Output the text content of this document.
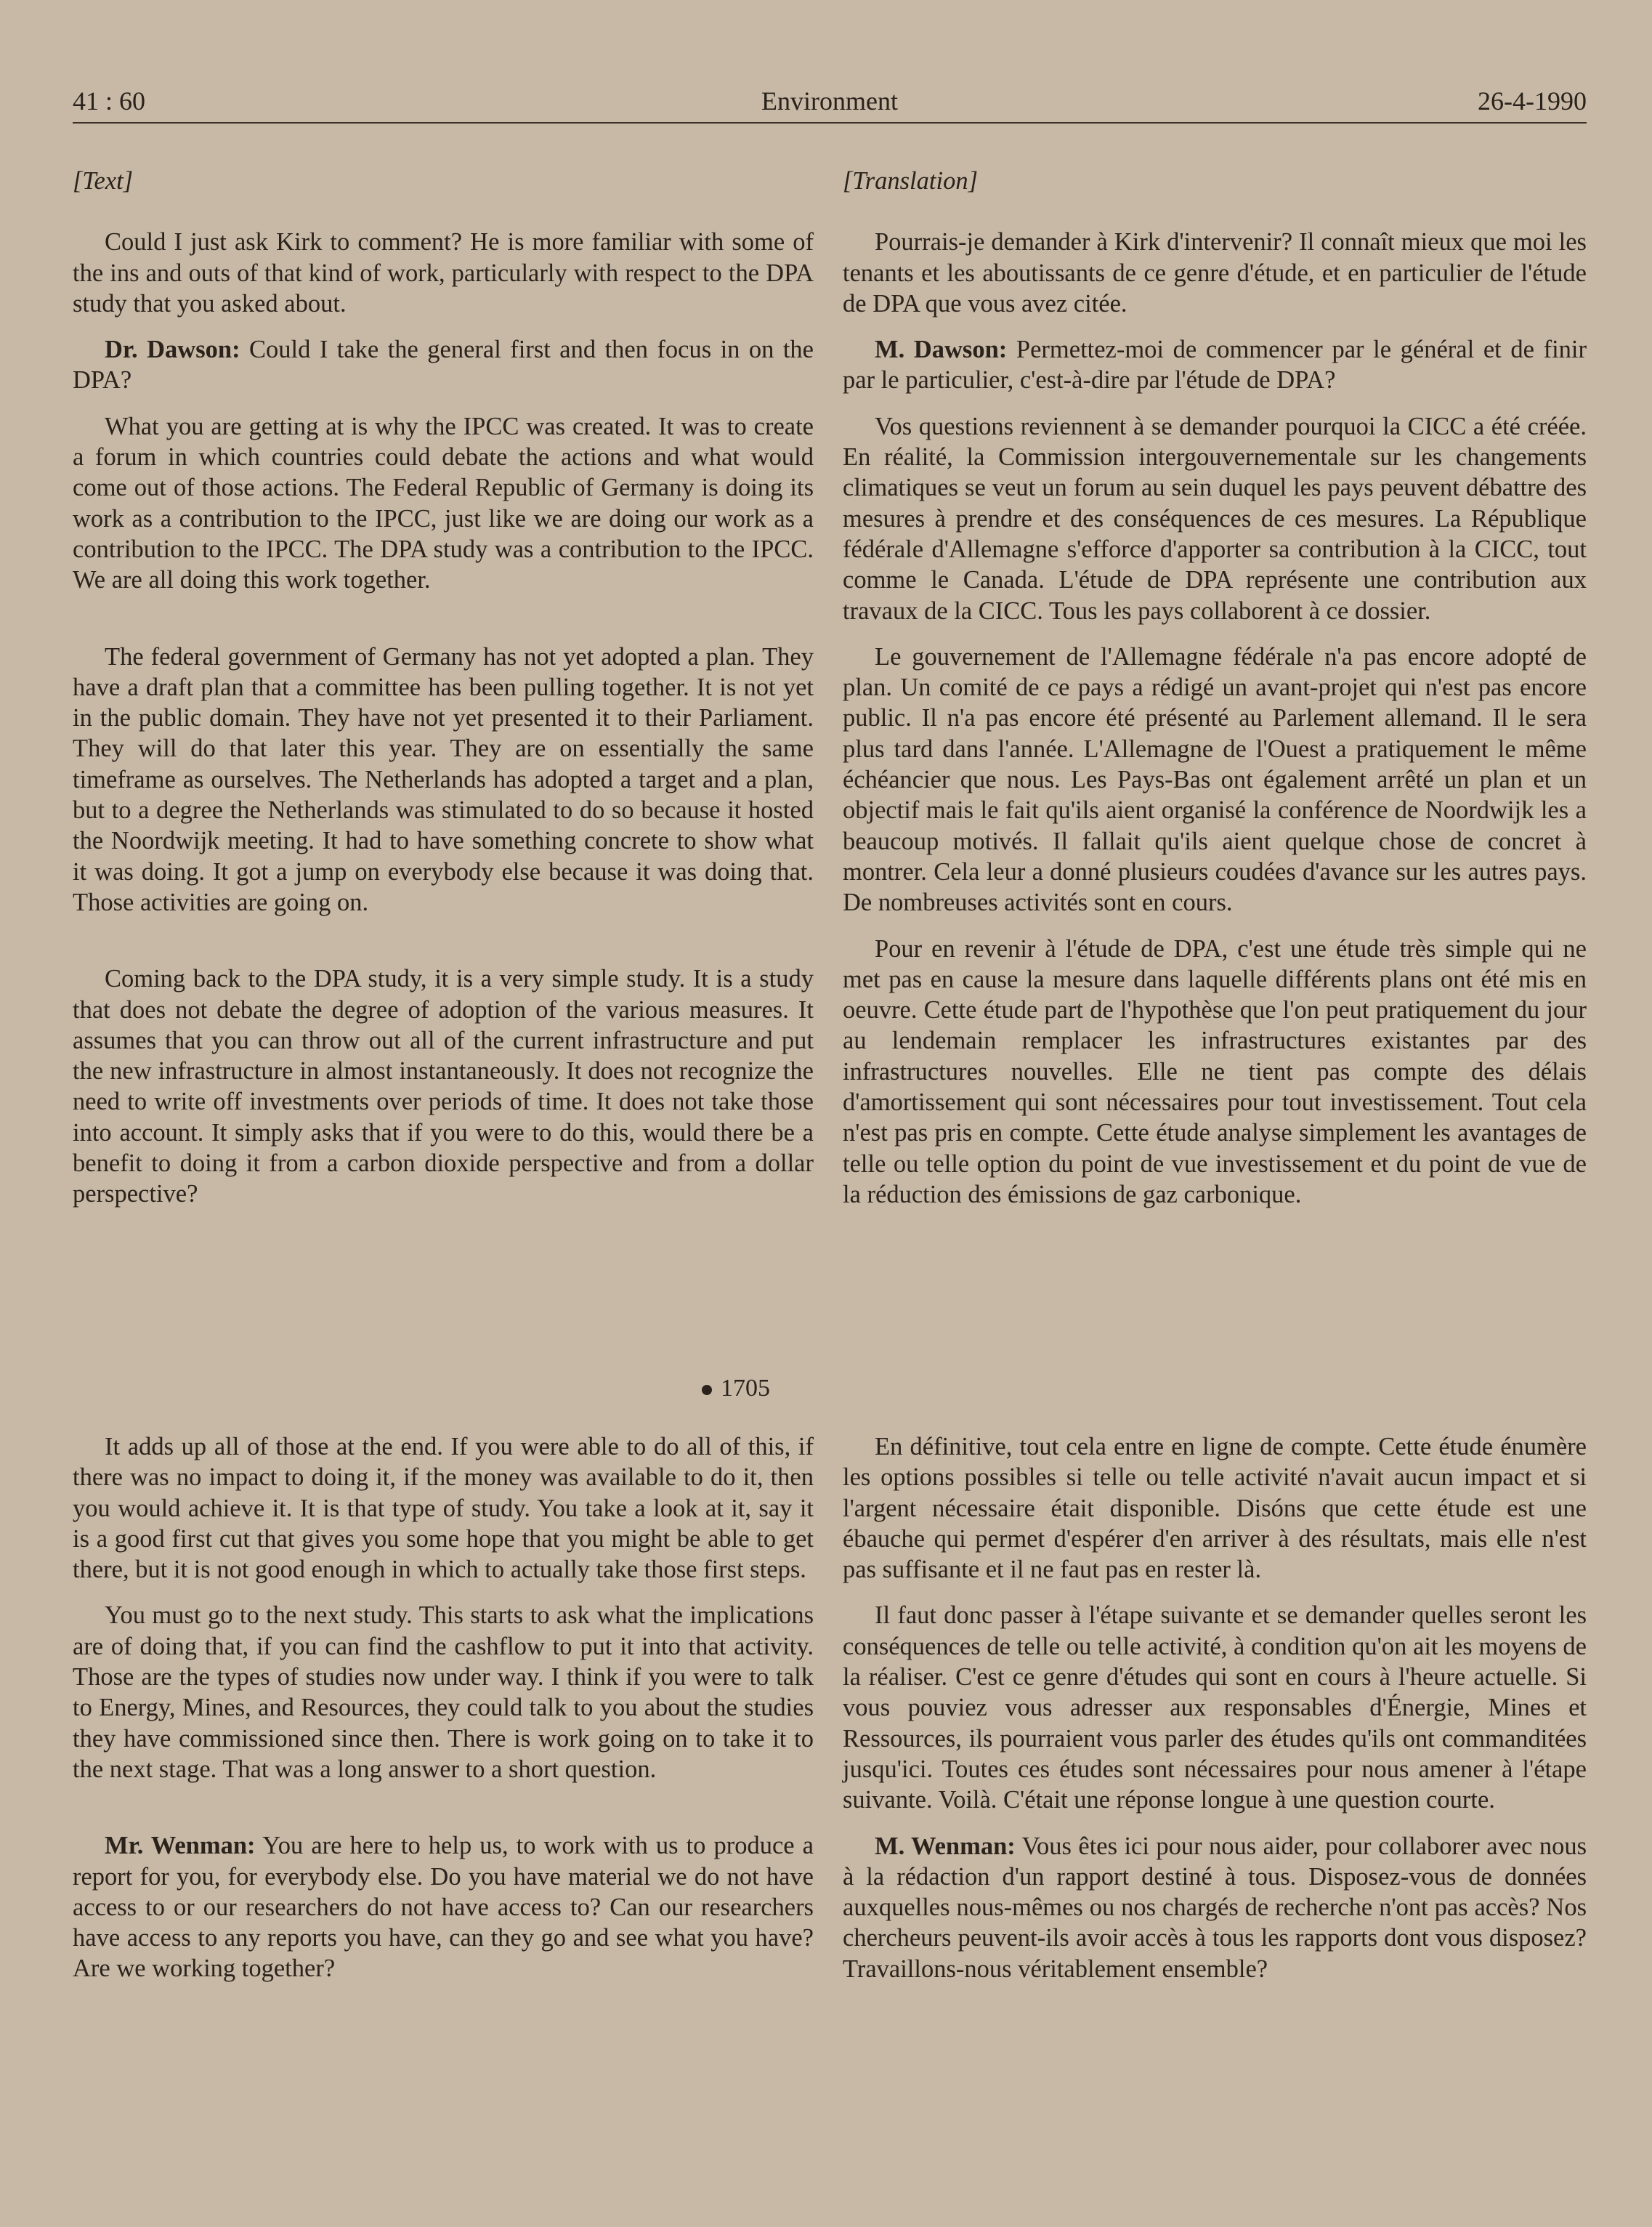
41 : 60	Environment	26-4-1990

[Text]

Could I just ask Kirk to comment? He is more familiar with some of the ins and outs of that kind of work, particularly with respect to the DPA study that you asked about.

Dr. Dawson: Could I take the general first and then focus in on the DPA?

What you are getting at is why the IPCC was created. It was to create a forum in which countries could debate the actions and what would come out of those actions. The Federal Republic of Germany is doing its work as a contribution to the IPCC, just like we are doing our work as a contribution to the IPCC. The DPA study was a contribution to the IPCC. We are all doing this work together.

The federal government of Germany has not yet adopted a plan. They have a draft plan that a committee has been pulling together. It is not yet in the public domain. They have not yet presented it to their Parliament. They will do that later this year. They are on essentially the same timeframe as ourselves. The Netherlands has adopted a target and a plan, but to a degree the Netherlands was stimulated to do so because it hosted the Noordwijk meeting. It had to have something concrete to show what it was doing. It got a jump on everybody else because it was doing that. Those activities are going on.

Coming back to the DPA study, it is a very simple study. It is a study that does not debate the degree of adoption of the various measures. It assumes that you can throw out all of the current infrastructure and put the new infrastructure in almost instantaneously. It does not recognize the need to write off investments over periods of time. It does not take those into account. It simply asks that if you were to do this, would there be a benefit to doing it from a carbon dioxide perspective and from a dollar perspective?

1705

It adds up all of those at the end. If you were able to do all of this, if there was no impact to doing it, if the money was available to do it, then you would achieve it. It is that type of study. You take a look at it, say it is a good first cut that gives you some hope that you might be able to get there, but it is not good enough in which to actually take those first steps.

You must go to the next study. This starts to ask what the implications are of doing that, if you can find the cashflow to put it into that activity. Those are the types of studies now under way. I think if you were to talk to Energy, Mines, and Resources, they could talk to you about the studies they have commissioned since then. There is work going on to take it to the next stage. That was a long answer to a short question.

Mr. Wenman: You are here to help us, to work with us to produce a report for you, for everybody else. Do you have material we do not have access to or our researchers do not have access to? Can our researchers have access to any reports you have, can they go and see what you have? Are we working together?

[Translation]

Pourrais-je demander à Kirk d'intervenir? Il connaît mieux que moi les tenants et les aboutissants de ce genre d'étude, et en particulier de l'étude de DPA que vous avez citée.

M. Dawson: Permettez-moi de commencer par le général et de finir par le particulier, c'est-à-dire par l'étude de DPA?

Vos questions reviennent à se demander pourquoi la CICC a été créée. En réalité, la Commission intergouvernementale sur les changements climatiques se veut un forum au sein duquel les pays peuvent débattre des mesures à prendre et des conséquences de ces mesures. La République fédérale d'Allemagne s'efforce d'apporter sa contribution à la CICC, tout comme le Canada. L'étude de DPA représente une contribution aux travaux de la CICC. Tous les pays collaborent à ce dossier.

Le gouvernement de l'Allemagne fédérale n'a pas encore adopté de plan. Un comité de ce pays a rédigé un avant-projet qui n'est pas encore public. Il n'a pas encore été présenté au Parlement allemand. Il le sera plus tard dans l'année. L'Allemagne de l'Ouest a pratiquement le même échéancier que nous. Les Pays-Bas ont également arrêté un plan et un objectif mais le fait qu'ils aient organisé la conférence de Noordwijk les a beaucoup motivés. Il fallait qu'ils aient quelque chose de concret à montrer. Cela leur a donné plusieurs coudées d'avance sur les autres pays. De nombreuses activités sont en cours.

Pour en revenir à l'étude de DPA, c'est une étude très simple qui ne met pas en cause la mesure dans laquelle différents plans ont été mis en oeuvre. Cette étude part de l'hypothèse que l'on peut pratiquement du jour au lendemain remplacer les infrastructures existantes par des infrastructures nouvelles. Elle ne tient pas compte des délais d'amortissement qui sont nécessaires pour tout investissement. Tout cela n'est pas pris en compte. Cette étude analyse simplement les avantages de telle ou telle option du point de vue investissement et du point de vue de la réduction des émissions de gaz carbonique.

En définitive, tout cela entre en ligne de compte. Cette étude énumère les options possibles si telle ou telle activité n'avait aucun impact et si l'argent nécessaire était disponible. Disóns que cette étude est une ébauche qui permet d'espérer d'en arriver à des résultats, mais elle n'est pas suffisante et il ne faut pas en rester là.

Il faut donc passer à l'étape suivante et se demander quelles seront les conséquences de telle ou telle activité, à condition qu'on ait les moyens de la réaliser. C'est ce genre d'études qui sont en cours à l'heure actuelle. Si vous pouviez vous adresser aux responsables d'Énergie, Mines et Ressources, ils pourraient vous parler des études qu'ils ont commanditées jusqu'ici. Toutes ces études sont nécessaires pour nous amener à l'étape suivante. Voilà. C'était une réponse longue à une question courte.

M. Wenman: Vous êtes ici pour nous aider, pour collaborer avec nous à la rédaction d'un rapport destiné à tous. Disposez-vous de données auxquelles nous-mêmes ou nos chargés de recherche n'ont pas accès? Nos chercheurs peuvent-ils avoir accès à tous les rapports dont vous disposez? Travaillons-nous véritablement ensemble?
